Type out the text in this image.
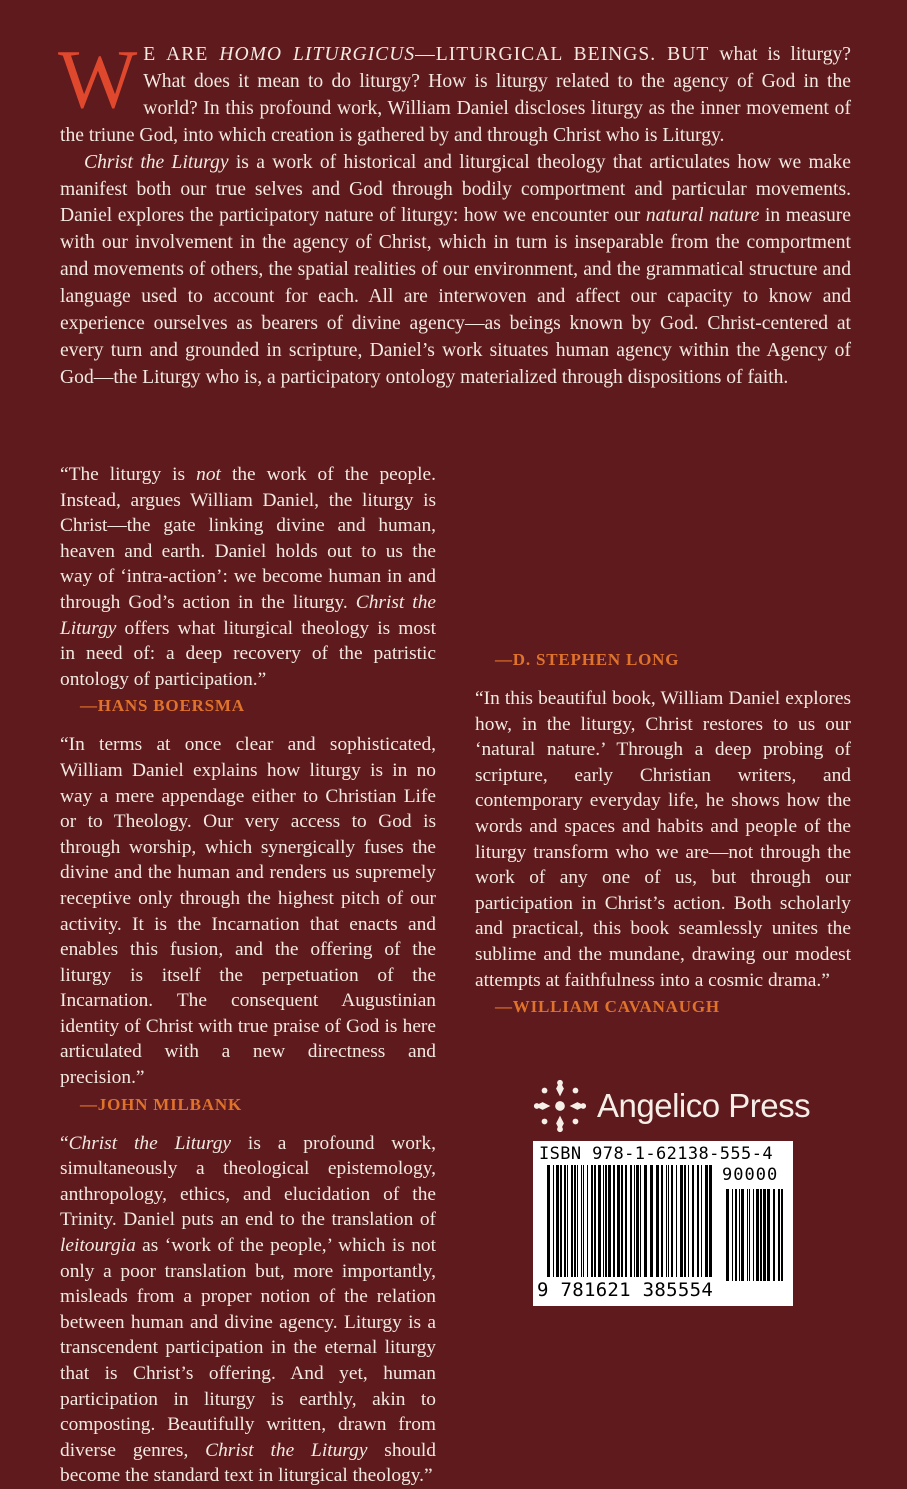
W E ARE HOMO LITURGICUS—LITURGICAL BEINGS. BUT what is liturgy? What does it mean to do liturgy? How is liturgy related to the agency of God in the world? In this profound work, William Daniel discloses liturgy as the inner movement of the triune God, into which creation is gathered by and through Christ who is Liturgy.

Christ the Liturgy is a work of historical and liturgical theology that articulates how we make manifest both our true selves and God through bodily comportment and particular movements. Daniel explores the participatory nature of liturgy: how we encounter our natural nature in measure with our involvement in the agency of Christ, which in turn is inseparable from the comportment and movements of others, the spatial realities of our environment, and the grammatical structure and language used to account for each. All are interwoven and affect our capacity to know and experience ourselves as bearers of divine agency—as beings known by God. Christ-centered at every turn and grounded in scripture, Daniel’s work situates human agency within the Agency of God—the Liturgy who is, a participatory ontology materialized through dispositions of faith.

“The liturgy is not the work of the people. Instead, argues William Daniel, the liturgy is Christ—the gate linking divine and human, heaven and earth. Daniel holds out to us the way of ‘intra-action’: we become human in and through God’s action in the liturgy. Christ the Liturgy offers what liturgical theology is most in need of: a deep recovery of the patristic ontology of participation.”

—HANS BOERSMA

“In terms at once clear and sophisticated, William Daniel explains how liturgy is in no way a mere appendage either to Christian Life or to Theology. Our very access to God is through worship, which synergically fuses the divine and the human and renders us supremely receptive only through the highest pitch of our activity. It is the Incarnation that enacts and enables this fusion, and the offering of the liturgy is itself the perpetuation of the Incarnation. The consequent Augustinian identity of Christ with true praise of God is here articulated with a new directness and precision.”

—JOHN MILBANK

“Christ the Liturgy is a profound work, simultaneously a theological epistemology, anthropology, ethics, and elucidation of the Trinity. Daniel puts an end to the translation of leitourgia as ‘work of the people,’ which is not only a poor translation but, more importantly, misleads from a proper notion of the relation between human and divine agency. Liturgy is a transcendent participation in the eternal liturgy that is Christ’s offering. And yet, human participation in liturgy is earthly, akin to composting. Beautifully written, drawn from diverse genres, Christ the Liturgy should become the standard text in liturgical theology.”

—D. STEPHEN LONG

“In this beautiful book, William Daniel explores how, in the liturgy, Christ restores to us our ‘natural nature.’ Through a deep probing of scripture, early Christian writers, and contemporary everyday life, he shows how the words and spaces and habits and people of the liturgy transform who we are—not through the work of any one of us, but through our participation in Christ’s action. Both scholarly and practical, this book seamlessly unites the sublime and the mundane, drawing our modest attempts at faithfulness into a cosmic drama.”

—WILLIAM CAVANAUGH
Angelico Press
ISBN 978-1-62138-555-4
90000
9 781621 385554
